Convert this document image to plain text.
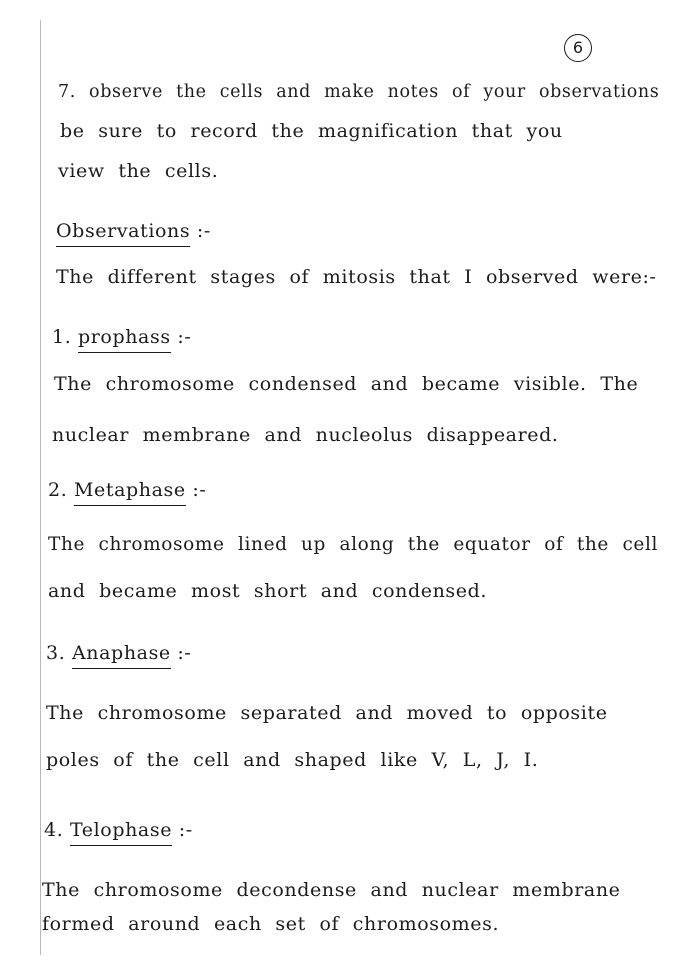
6
7. observe the cells and make notes of your observations
be sure to record the magnification that you
view the cells.
Observations :-
The different stages of mitosis that I observed were:-
1. prophass :-
The chromosome condensed and became visible. The
nuclear membrane and nucleolus disappeared.
2. Metaphase :-
The chromosome lined up along the equator of the cell
and became most short and condensed.
3. Anaphase :-
The chromosome separated and moved to opposite
poles of the cell and shaped like V, L, J, I.
4. Telophase :-
The chromosome decondense and nuclear membrane
formed around each set of chromosomes.
